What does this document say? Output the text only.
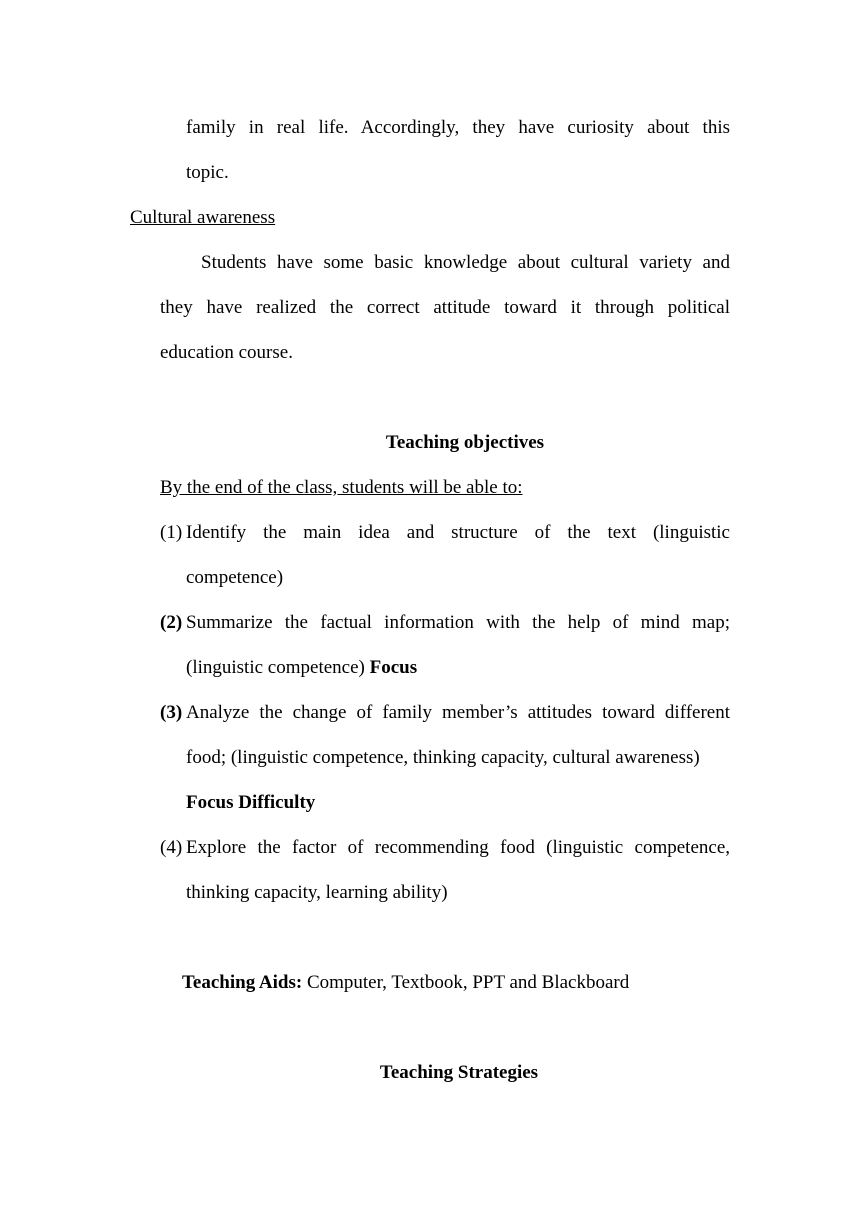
family in real life. Accordingly, they have curiosity about this
topic.
Cultural awareness
Students have some basic knowledge about cultural variety and
they have realized the correct attitude toward it through political
education course.
Teaching objectives
By the end of the class, students will be able to:
(1) Identify the main idea and structure of the text (linguistic
competence)
(2) Summarize the factual information with the help of mind map;
(linguistic competence) Focus
(3) Analyze the change of family member’s attitudes toward different
food; (linguistic competence, thinking capacity, cultural awareness)
Focus Difficulty
(4) Explore the factor of recommending food (linguistic competence,
thinking capacity, learning ability)
Teaching Aids: Computer, Textbook, PPT and Blackboard
Teaching Strategies
